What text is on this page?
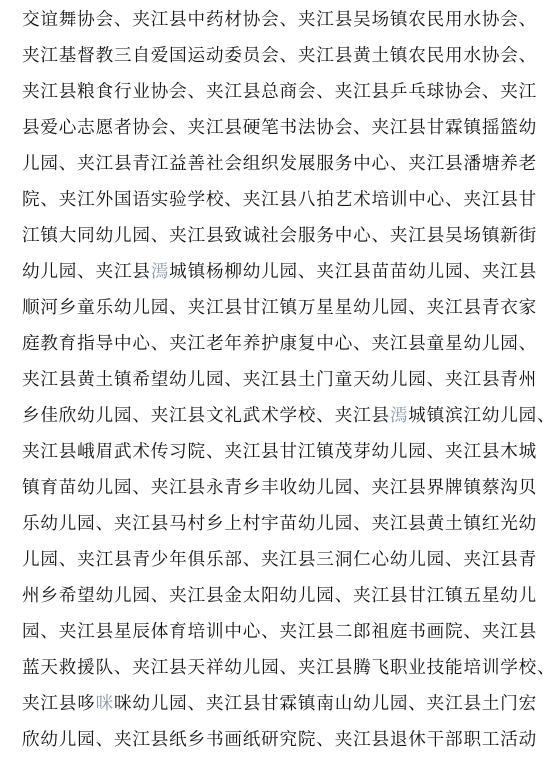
交谊舞协会、夹江县中药材协会、夹江县吴场镇农民用水协会、
夹江基督教三自爱国运动委员会、夹江县黄土镇农民用水协会、
夹江县粮食行业协会、夹江县总商会、夹江县乒乓球协会、夹江
县爱心志愿者协会、夹江县硬笔书法协会、夹江县甘霖镇摇篮幼
儿园、夹江县青江益善社会组织发展服务中心、夹江县潘塘养老
院、夹江外国语实验学校、夹江县八拍艺术培训中心、夹江县甘
江镇大同幼儿园、夹江县致诚社会服务中心、夹江县吴场镇新街
幼儿园、夹江县漹城镇杨柳幼儿园、夹江县苗苗幼儿园、夹江县
顺河乡童乐幼儿园、夹江县甘江镇万星星幼儿园、夹江县青衣家
庭教育指导中心、夹江老年养护康复中心、夹江县童星幼儿园、
夹江县黄土镇希望幼儿园、夹江县土门童天幼儿园、夹江县青州
乡佳欣幼儿园、夹江县文礼武术学校、夹江县漹城镇滨江幼儿园、
夹江县峨眉武术传习院、夹江县甘江镇茂芽幼儿园、夹江县木城
镇育苗幼儿园、夹江县永青乡丰收幼儿园、夹江县界牌镇蔡沟贝
乐幼儿园、夹江县马村乡上村宇苗幼儿园、夹江县黄土镇红光幼
儿园、夹江县青少年俱乐部、夹江县三洞仁心幼儿园、夹江县青
州乡希望幼儿园、夹江县金太阳幼儿园、夹江县甘江镇五星幼儿
园、夹江县星辰体育培训中心、夹江县二郎祖庭书画院、夹江县
蓝天救援队、夹江县天祥幼儿园、夹江县腾飞职业技能培训学校、
夹江县哆咪咪幼儿园、夹江县甘霖镇南山幼儿园、夹江县土门宏
欣幼儿园、夹江县纸乡书画纸研究院、夹江县退休干部职工活动
